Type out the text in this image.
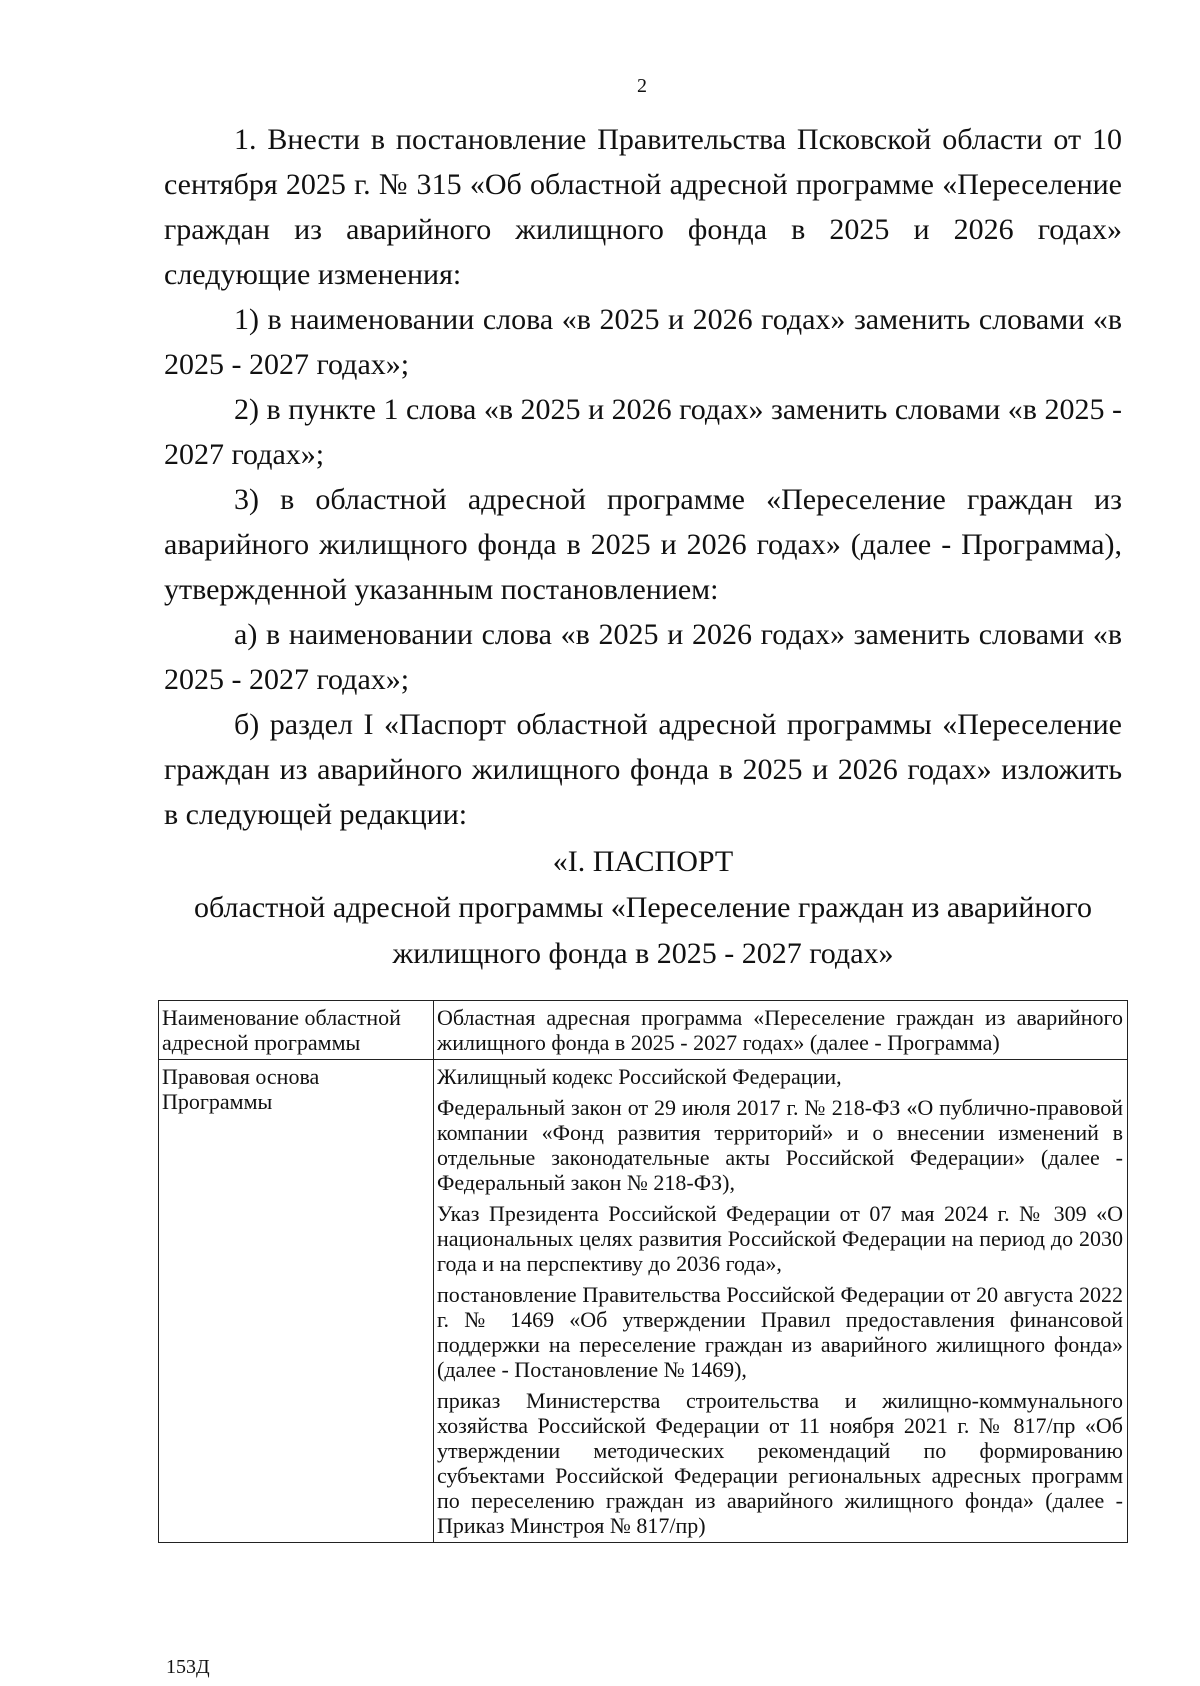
2

1. Внести в постановление Правительства Псковской области от 10 сентября 2025 г. № 315 «Об областной адресной программе «Переселение граждан из аварийного жилищного фонда в 2025 и 2026 годах» следующие изменения:

1) в наименовании слова «в 2025 и 2026 годах» заменить словами «в 2025 - 2027 годах»;

2) в пункте 1 слова «в 2025 и 2026 годах» заменить словами «в 2025 - 2027 годах»;

3) в областной адресной программе «Переселение граждан из аварийного жилищного фонда в 2025 и 2026 годах» (далее - Программа), утвержденной указанным постановлением:

а) в наименовании слова «в 2025 и 2026 годах» заменить словами «в 2025 - 2027 годах»;

б) раздел I «Паспорт областной адресной программы «Переселение граждан из аварийного жилищного фонда в 2025 и 2026 годах» изложить в следующей редакции:

«I. ПАСПОРТ

областной адресной программы «Переселение граждан из аварийного

жилищного фонда в 2025 - 2027 годах»

Наименование областной адресной программы	Областная адресная программа «Переселение граждан из аварийного жилищного фонда в 2025 - 2027 годах» (далее - Программа)

Правовая основа Программы	Жилищный кодекс Российской Федерации,

Федеральный закон от 29 июля 2017 г. № 218-ФЗ «О публично-правовой компании «Фонд развития территорий» и о внесении изменений в отдельные законодательные акты Российской Федерации» (далее - Федеральный закон № 218-ФЗ),

Указ Президента Российской Федерации от 07 мая 2024 г. № 309 «О национальных целях развития Российской Федерации на период до 2030 года и на перспективу до 2036 года»,

постановление Правительства Российской Федерации от 20 августа 2022 г. № 1469 «Об утверждении Правил предоставления финансовой поддержки на переселение граждан из аварийного жилищного фонда» (далее - Постановление № 1469),

приказ Министерства строительства и жилищно-коммунального хозяйства Российской Федерации от 11 ноября 2021 г. № 817/пр «Об утверждении методических рекомендаций по формированию субъектами Российской Федерации региональных адресных программ по переселению граждан из аварийного жилищного фонда» (далее - Приказ Минстроя № 817/пр)

153Д
